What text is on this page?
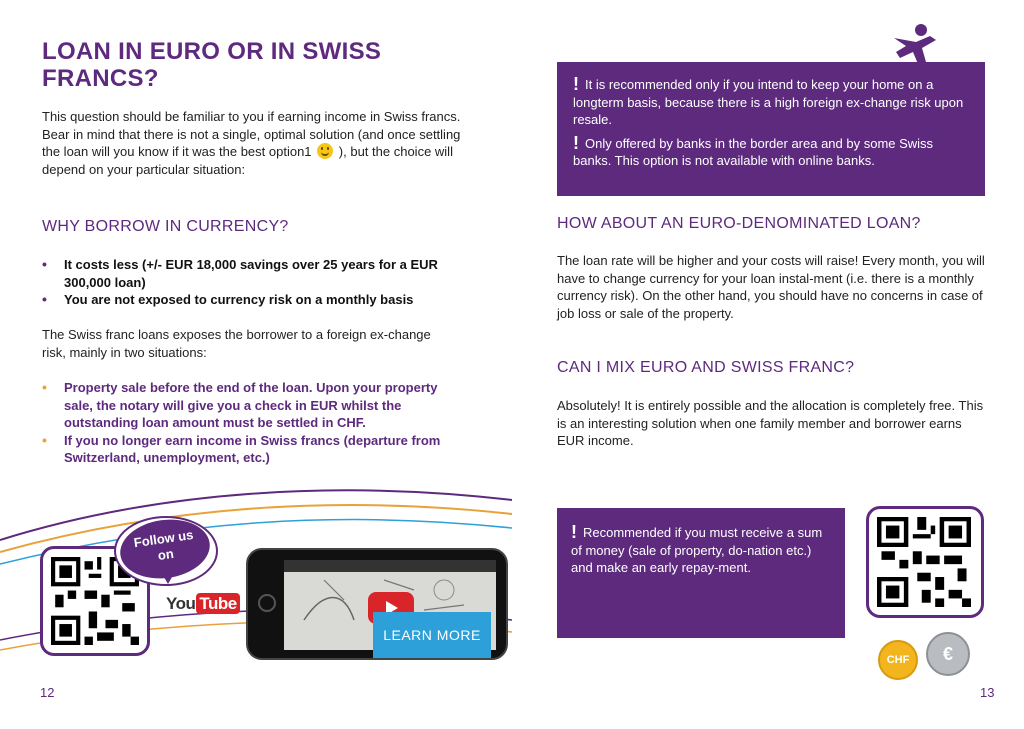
LOAN IN EURO OR IN SWISS FRANCS?

This question should be familiar to you if earning income in Swiss francs. Bear in mind that there is not a single, optimal solution (and once settling the loan will you know if it was the best option1 ), but the choice will depend on your particular situation:

WHY BORROW IN CURRENCY?
• It costs less (+/- EUR 18,000 savings over 25 years for a EUR 300,000 loan)
• You are not exposed to currency risk on a monthly basis

The Swiss franc loans exposes the borrower to a foreign ex-change risk, mainly in two situations:

• Property sale before the end of the loan. Upon your property sale, the notary will give you a check in EUR whilst the outstanding loan amount must be settled in CHF.
• If you no longer earn income in Swiss francs (departure from Switzerland, unemployment, etc.)
Follow us
on
You Tube
LEARN MORE
12

! It is recommended only if you intend to keep your home on a longterm basis, because there is a high foreign ex-change risk upon resale.

! Only offered by banks in the border area and by some Swiss banks. This option is not available with online banks.

HOW ABOUT AN EURO-DENOMINATED LOAN?

The loan rate will be higher and your costs will raise! Every month, you will have to change currency for your loan instal-ment (i.e. there is a monthly currency risk). On the other hand, you should have no concerns in case of job loss or sale of the property.

CAN I MIX EURO AND SWISS FRANC?

Absolutely! It is entirely possible and the allocation is completely free. This is an interesting solution when one family member and borrower earns EUR income.

! Recommended if you must receive a sum of money (sale of property, do-nation etc.) and make an early repay-ment.

CHF €
13
